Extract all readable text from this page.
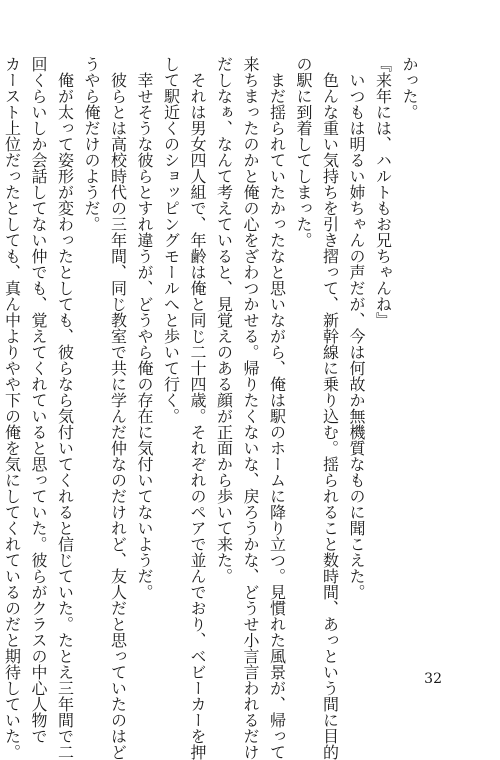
かった。
『来年には、ハルトもお兄ちゃんね』
いつもは明るい姉ちゃんの声だが、今は何故か無機質なものに聞こえた。
色んな重い気持ちを引き摺って、新幹線に乗り込む。揺られること数時間、あっという間に目的
の駅に到着してしまった。
まだ揺られていたかったなと思いながら、俺は駅のホームに降り立つ。見慣れた風景が、帰って
来ちまったのかと俺の心をざわつかせる。帰りたくないな、戻ろうかな、どうせ小言言われるだけ
だしなぁ、なんて考えていると、見覚えのある顔が正面から歩いて来た。
それは男女四人組で、年齢は俺と同じ二十四歳。それぞれのペアで並んでおり、ベビーカーを押
して駅近くのショッピングモールへと歩いて行く。
幸せそうな彼らとすれ違うが、どうやら俺の存在に気付いてないようだ。
彼らとは高校時代の三年間、同じ教室で共に学んだ仲なのだけれど、友人だと思っていたのはど
うやら俺だけのようだ。
俺が太って姿形が変わったとしても、彼らなら気付いてくれると信じていた。たとえ三年間で二
回くらいしか会話してない仲でも、覚えてくれていると思っていた。彼らがクラスの中心人物で
カースト上位だったとしても、真ん中よりやや下の俺を気にしてくれているのだと期待していた。	32
